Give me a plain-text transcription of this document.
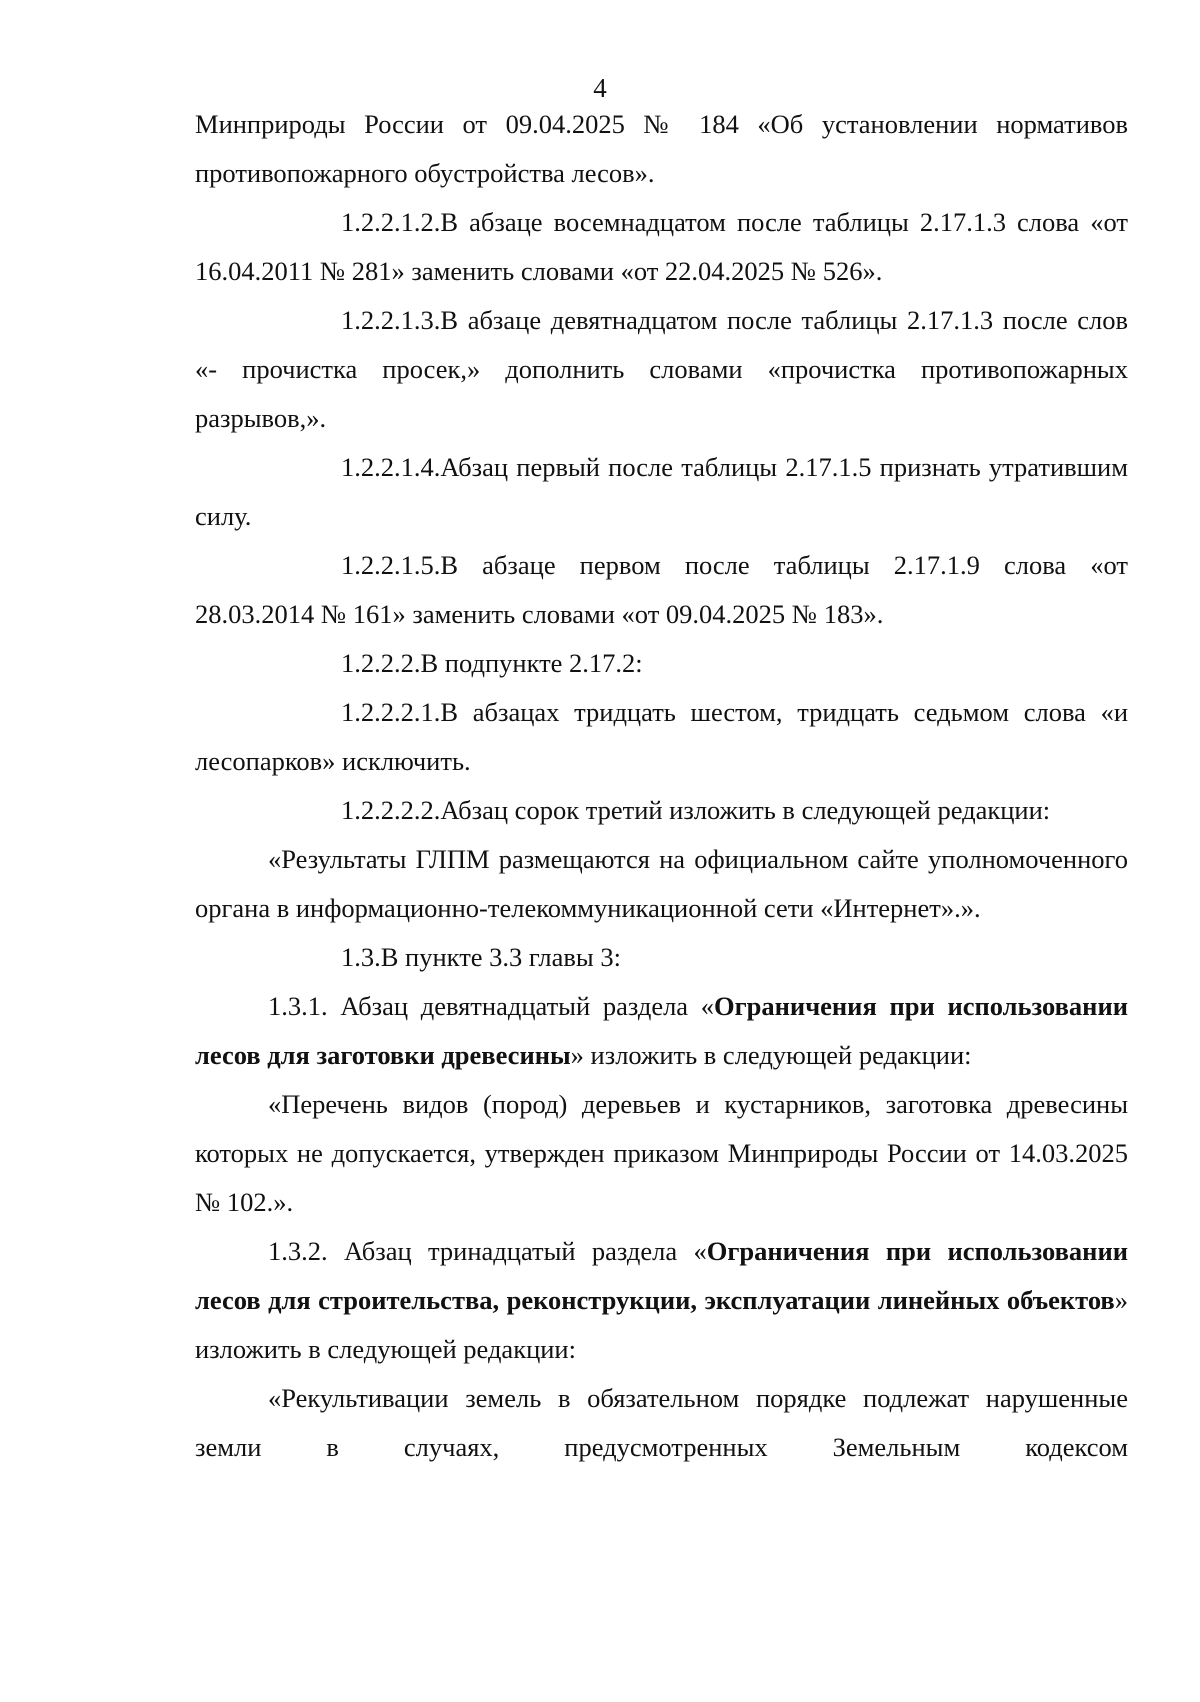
4

Минприроды России от 09.04.2025 № 184 «Об установлении нормативов противопожарного обустройства лесов».

1.2.2.1.2.В абзаце восемнадцатом после таблицы 2.17.1.3 слова «от 16.04.2011 № 281» заменить словами «от 22.04.2025 № 526».

1.2.2.1.3.В абзаце девятнадцатом после таблицы 2.17.1.3 после слов «- прочистка просек,» дополнить словами «прочистка противопожарных разрывов,».

1.2.2.1.4.Абзац первый после таблицы 2.17.1.5 признать утратившим силу.

1.2.2.1.5.В абзаце первом после таблицы 2.17.1.9 слова «от 28.03.2014 № 161» заменить словами «от 09.04.2025 № 183».

1.2.2.2.В подпункте 2.17.2:

1.2.2.2.1.В абзацах тридцать шестом, тридцать седьмом слова «и лесопарков» исключить.

1.2.2.2.2.Абзац сорок третий изложить в следующей редакции:

«Результаты ГЛПМ размещаются на официальном сайте уполномоченного органа в информационно-телекоммуникационной сети «Интернет».».

1.3.В пункте 3.3 главы 3:

1.3.1. Абзац девятнадцатый раздела «Ограничения при использовании лесов для заготовки древесины» изложить в следующей редакции:

«Перечень видов (пород) деревьев и кустарников, заготовка древесины которых не допускается, утвержден приказом Минприроды России от 14.03.2025 № 102.».

1.3.2. Абзац тринадцатый раздела «Ограничения при использовании лесов для строительства, реконструкции, эксплуатации линейных объектов» изложить в следующей редакции:

«Рекультивации земель в обязательном порядке подлежат нарушенные земли в случаях, предусмотренных Земельным кодексом
